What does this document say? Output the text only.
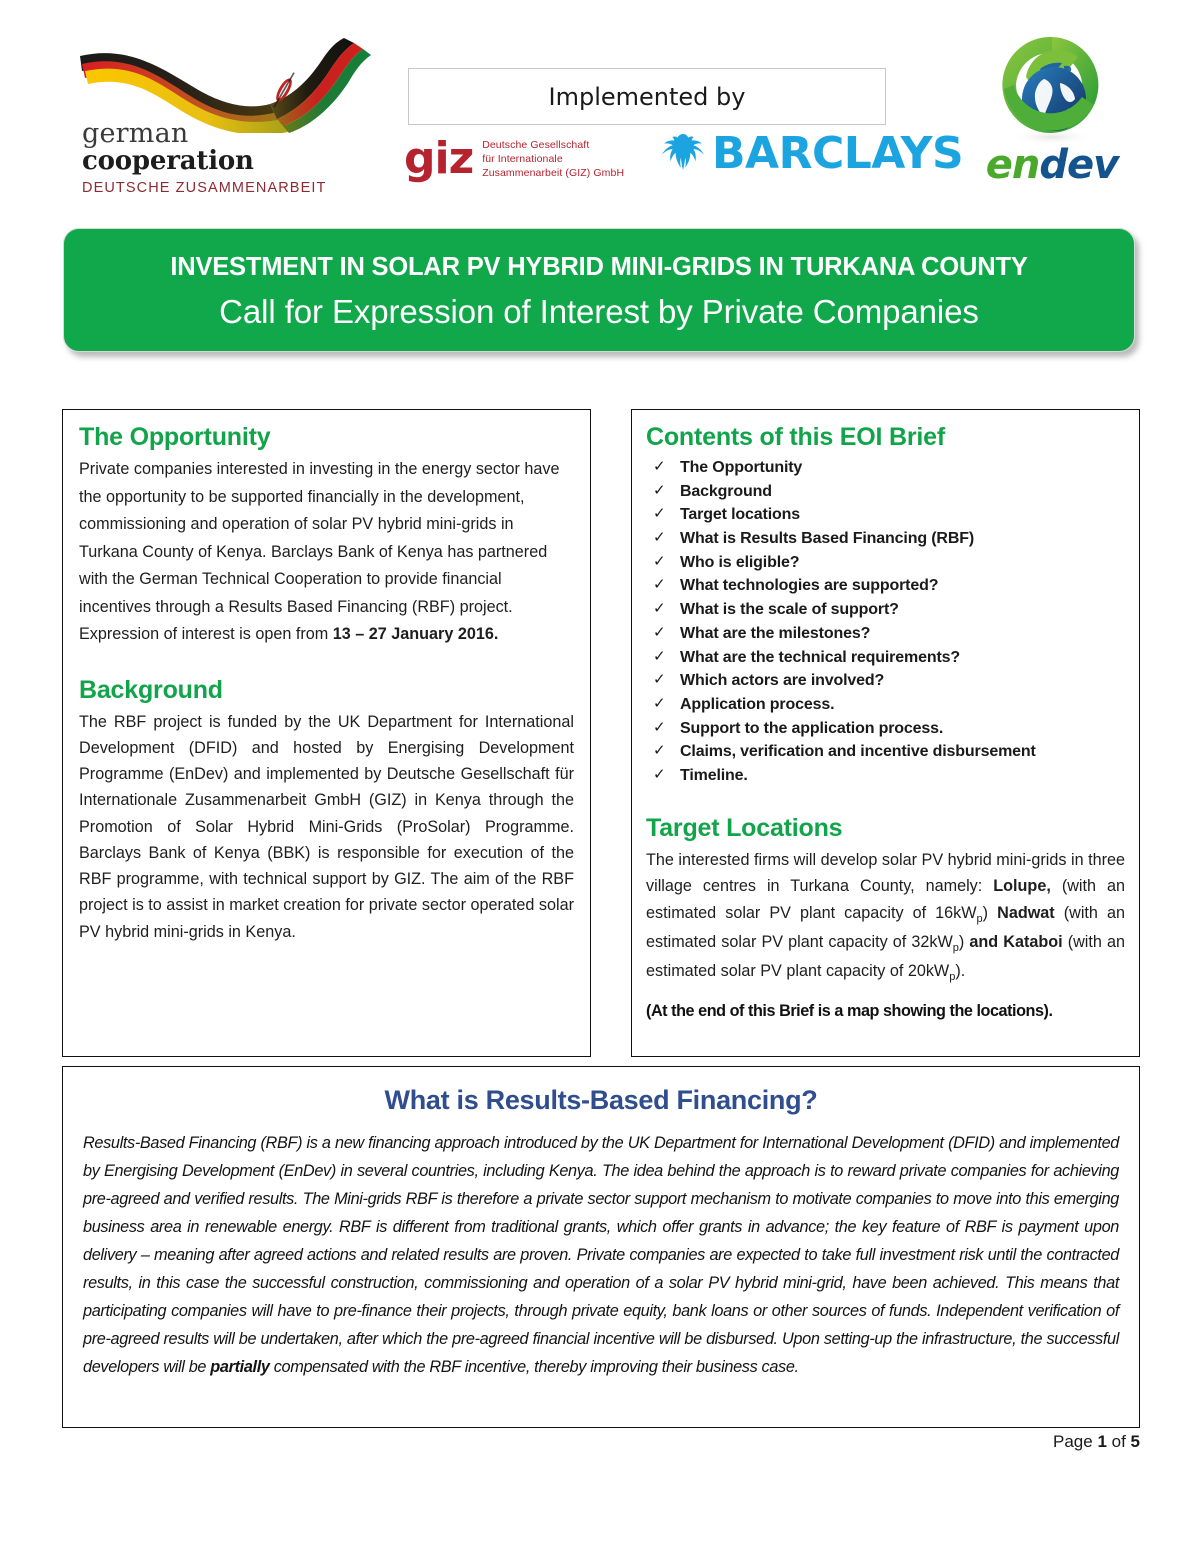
german
cooperation
DEUTSCHE ZUSAMMENARBEIT
Implemented by
giz Deutsche Gesellschaft
für Internationale
Zusammenarbeit (GIZ) GmbH BARCLAYS endev
INVESTMENT IN SOLAR PV HYBRID MINI-GRIDS IN TURKANA COUNTY
Call for Expression of Interest by Private Companies
The Opportunity

Private companies interested in investing in the energy sector have the opportunity to be supported financially in the development, commissioning and operation of solar PV hybrid mini-grids in Turkana County of Kenya. Barclays Bank of Kenya has partnered with the German Technical Cooperation to provide financial incentives through a Results Based Financing (RBF) project. Expression of interest is open from 13 – 27 January 2016.

Background

The RBF project is funded by the UK Department for International Development (DFID) and hosted by Energising Development Programme (EnDev) and implemented by Deutsche Gesellschaft für Internationale Zusammenarbeit GmbH (GIZ) in Kenya through the Promotion of Solar Hybrid Mini-Grids (ProSolar) Programme. Barclays Bank of Kenya (BBK) is responsible for execution of the RBF programme, with technical support by GIZ. The aim of the RBF project is to assist in market creation for private sector operated solar PV hybrid mini-grids in Kenya.

Contents of this EOI Brief
✓ The Opportunity
✓ Background
✓ Target locations
✓ What is Results Based Financing (RBF)
✓ Who is eligible?
✓ What technologies are supported?
✓ What is the scale of support?
✓ What are the milestones?
✓ What are the technical requirements?
✓ Which actors are involved?
✓ Application process.
✓ Support to the application process.
✓ Claims, verification and incentive disbursement
✓ Timeline.
Target Locations

The interested firms will develop solar PV hybrid mini-grids in three village centres in Turkana County, namely: Lolupe, (with an estimated solar PV plant capacity of $16kW_p$) Nadwat (with an estimated solar PV plant capacity of $32kW_p$) and Kataboi (with an estimated solar PV plant capacity of $20kW_p$).

(At the end of this Brief is a map showing the locations).
What is Results-Based Financing?

Results-Based Financing (RBF) is a new financing approach introduced by the UK Department for International Development (DFID) and implemented by Energising Development (EnDev) in several countries, including Kenya. The idea behind the approach is to reward private companies for achieving pre-agreed and verified results. The Mini-grids RBF is therefore a private sector support mechanism to motivate companies to move into this emerging business area in renewable energy. RBF is different from traditional grants, which offer grants in advance; the key feature of RBF is payment upon delivery – meaning after agreed actions and related results are proven. Private companies are expected to take full investment risk until the contracted results, in this case the successful construction, commissioning and operation of a solar PV hybrid mini-grid, have been achieved. This means that participating companies will have to pre-finance their projects, through private equity, bank loans or other sources of funds. Independent verification of pre-agreed results will be undertaken, after which the pre-agreed financial incentive will be disbursed. Upon setting-up the infrastructure, the successful developers will be partially compensated with the RBF incentive, thereby improving their business case.

Page 1 of 5
